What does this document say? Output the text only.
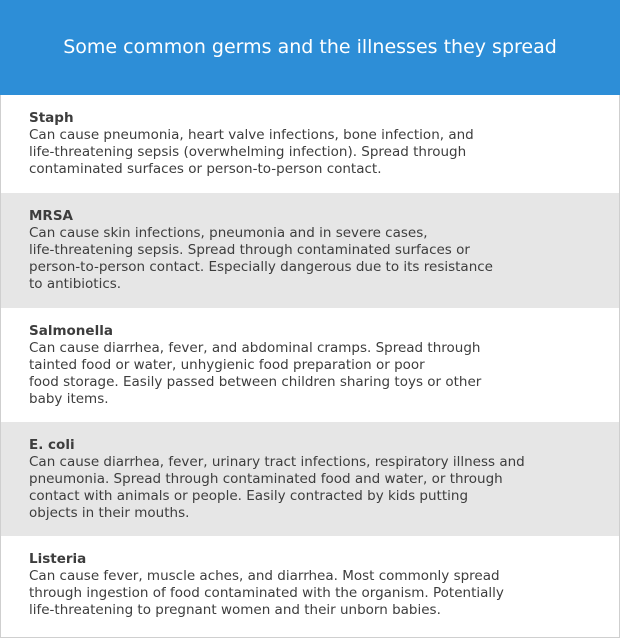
Some common germs and the illnesses they spread
Staph
Can cause pneumonia, heart valve infections, bone infection, and
life-threatening sepsis (overwhelming infection). Spread through
contaminated surfaces or person-to-person contact.
MRSA
Can cause skin infections, pneumonia and in severe cases,
life-threatening sepsis. Spread through contaminated surfaces or
person-to-person contact. Especially dangerous due to its resistance
to antibiotics.
Salmonella
Can cause diarrhea, fever, and abdominal cramps. Spread through
tainted food or water, unhygienic food preparation or poor
food storage. Easily passed between children sharing toys or other
baby items.
E. coli
Can cause diarrhea, fever, urinary tract infections, respiratory illness and
pneumonia. Spread through contaminated food and water, or through
contact with animals or people. Easily contracted by kids putting
objects in their mouths.
Listeria
Can cause fever, muscle aches, and diarrhea. Most commonly spread
through ingestion of food contaminated with the organism. Potentially
life-threatening to pregnant women and their unborn babies.
